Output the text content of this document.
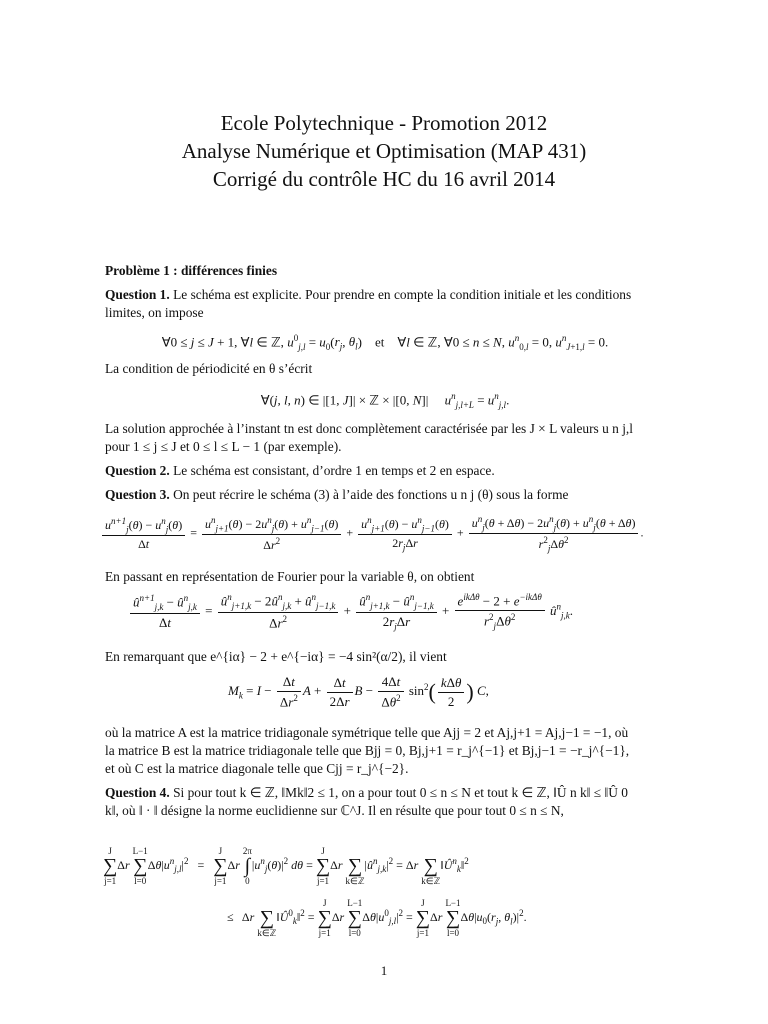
Ecole Polytechnique - Promotion 2012
Analyse Numérique et Optimisation (MAP 431)
Corrigé du contrôle HC du 16 avril 2014
Problème 1 : différences finies
Question 1. Le schéma est explicite. Pour prendre en compte la condition initiale et les conditions limites, on impose
∀0 ≤ j ≤ J + 1, ∀l ∈ ℤ, $u^0_{j,l} = u_0(r_j$, $\theta_l$)    et    ∀l ∈ ℤ, ∀0 ≤ n ≤ N, $u^n_{0,l} = 0$, $u^n_{J+1,l} = 0$.
La condition de périodicité en θ s’écrit
∀(j, l, n) ∈ |[1, J]| × ℤ × |[0, N]|     $u^n_{j,l+L} = u^n_{j,l}$.
La solution approchée à l’instant tn est donc complètement caractérisée par les J × L valeurs u n j,l pour 1 ≤ j ≤ J et 0 ≤ l ≤ L − 1 (par exemple).
Question 2. Le schéma est consistant, d’ordre 1 en temps et 2 en espace.
Question 3. On peut récrire le schéma (3) à l’aide des fonctions u n j (θ) sous la forme
$\frac{u^{n+1}_j(\theta) - u^n_j(\theta)}{\Delta t} = \frac{u^n_{j+1}(\theta) - 2u^n_j(\theta) + u^n_{j-1}(\theta)}{\Delta r^2} + \frac{u^n_{j+1}(\theta) - u^n_{j-1}(\theta)}{2r_j\Delta r} + \frac{u^n_j(\theta + \Delta\theta) - 2u^n_j(\theta) + u^n_j(\theta + \Delta\theta)}{r^2_j\Delta\theta^2}$ .
En passant en représentation de Fourier pour la variable θ, on obtient
$\frac{û^{n+1}_{j,k} - û^n_{j,k}}{\Delta t} = \frac{û^n_{j+1,k} - 2û^n_{j,k} + û^n_{j-1,k}}{\Delta r^2} + \frac{û^n_{j+1,k} - û^n_{j-1,k}}{2r_j\Delta r} + \frac{e^{ik\Delta\theta} - 2 + e^{-ik\Delta\theta}}{r^2_j\Delta\theta^2}$ $û^n_{j,k}$.
En remarquant que e^{iα} − 2 + e^{−iα} = −4 sin²(α/2), il vient
$M_k = I - \frac{\Delta t}{\Delta r^2}$ $A + \frac{\Delta t}{2\Delta r}$ $B - \frac{4\Delta t}{\Delta\theta^2} \sin^2( \frac{\text{kΔθ}}{2}$ ) C,
où la matrice A est la matrice tridiagonale symétrique telle que Ajj = 2 et Aj,j+1 = Aj,j−1 = −1, où la matrice B est la matrice tridiagonale telle que Bjj = 0, Bj,j+1 = r_j^{−1} et Bj,j−1 = −r_j^{−1}, et où C est la matrice diagonale telle que Cjj = r_j^{−2}.
Question 4. Si pour tout k ∈ ℤ, ‖Mk‖2 ≤ 1, on a pour tout 0 ≤ n ≤ N et tout k ∈ ℤ, ‖Û n k‖ ≤ ‖Û 0 k‖, où ‖ · ‖ désigne la norme euclidienne sur ℂ^J. Il en résulte que pour tout 0 ≤ n ≤ N,
J
∑
j=1Δr L−1
∑
$l=0\Delta\theta|u^n_{j,l}|^2 = J$
∑
j=1Δr 2π
∫
$0|u^n_j(\theta)|^2$ dθ = J
∑
j=1Δr ∑
$k\in ℤ|û^n_{j,k}|^2 = \Delta r$ ∑
$k\in ℤ‖Û^n_k‖^2$
≤   Δr ∑
$k\in ℤ‖Û^0_k‖^2 = J$
∑
j=1Δr L−1
∑
$l=0\Delta\theta|u^0_{j,l}|^2 = J$
∑
j=1Δr L−1
∑
$l=0\Delta\theta|u_0(r_j$, $\theta_l)|^2$.
1
